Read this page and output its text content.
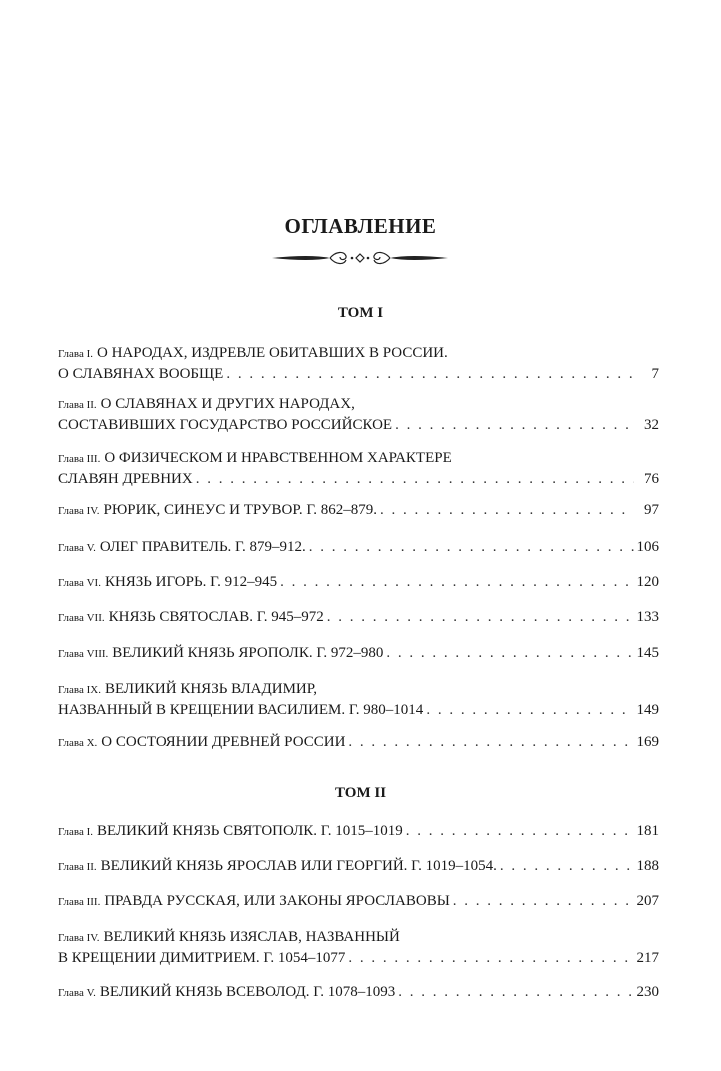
ОГЛАВЛЕНИЕ
ТОМ I
Глава I. О НАРОДАХ, ИЗДРЕВЛЕ ОБИТАВШИХ В РОССИИ.
О СЛАВЯНАХ ВООБЩЕ . . .	7
Глава II. О СЛАВЯНАХ И ДРУГИХ НАРОДАХ,
СОСТАВИВШИХ ГОСУДАРСТВО РОССИЙСКОЕ . . .	32
Глава III. О ФИЗИЧЕСКОМ И НРАВСТВЕННОМ ХАРАКТЕРЕ
СЛАВЯН ДРЕВНИХ . . .	76
Глава IV. РЮРИК, СИНЕУС И ТРУВОР. Г. 862–879. . . .	97
Глава V. ОЛЕГ ПРАВИТЕЛЬ. Г. 879–912. . . .	106
Глава VI. КНЯЗЬ ИГОРЬ. Г. 912–945 . . .	120
Глава VII. КНЯЗЬ СВЯТОСЛАВ. Г. 945–972 . . .	133
Глава VIII. ВЕЛИКИЙ КНЯЗЬ ЯРОПОЛК. Г. 972–980 . . .	145
Глава IX. ВЕЛИКИЙ КНЯЗЬ ВЛАДИМИР,
НАЗВАННЫЙ В КРЕЩЕНИИ ВАСИЛИЕМ. Г. 980–1014 . . .	149
Глава X. О СОСТОЯНИИ ДРЕВНЕЙ РОССИИ . . .	169
ТОМ II
Глава I. ВЕЛИКИЙ КНЯЗЬ СВЯТОПОЛК. Г. 1015–1019 . . .	181
Глава II. ВЕЛИКИЙ КНЯЗЬ ЯРОСЛАВ ИЛИ ГЕОРГИЙ. Г. 1019–1054. . . .	188
Глава III. ПРАВДА РУССКАЯ, ИЛИ ЗАКОНЫ ЯРОСЛАВОВЫ . . .	207
Глава IV. ВЕЛИКИЙ КНЯЗЬ ИЗЯСЛАВ, НАЗВАННЫЙ
В КРЕЩЕНИИ ДИМИТРИЕМ. Г. 1054–1077 . . .	217
Глава V. ВЕЛИКИЙ КНЯЗЬ ВСЕВОЛОД. Г. 1078–1093 . . .	230
